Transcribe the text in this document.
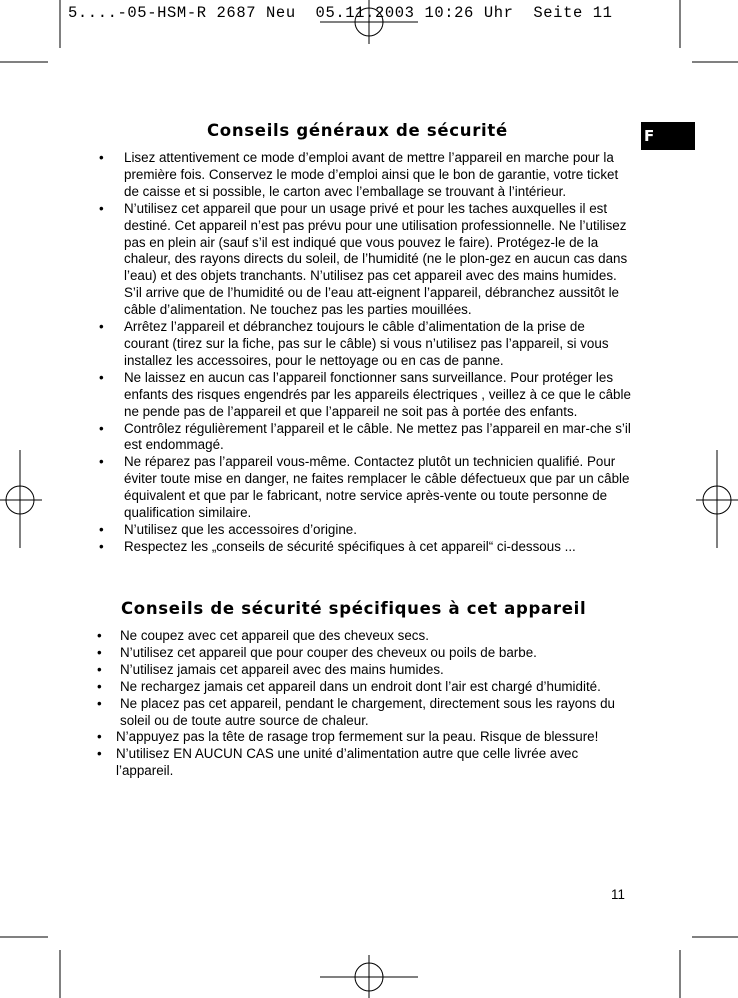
5....-05-HSM-R 2687 Neu  05.11.2003 10:26 Uhr  Seite 11
F
Conseils généraux de sécurité
• Lisez attentivement ce mode d’emploi avant de mettre l’appareil en marche pour la première fois. Conservez le mode d’emploi ainsi que le bon de garantie, votre ticket de caisse et si possible, le carton avec l’emballage se trouvant à l’intérieur.
• N’utilisez cet appareil que pour un usage privé et pour les taches auxquelles il est destiné. Cet appareil n’est pas prévu pour une utilisation professionnelle. Ne l’utilisez pas en plein air (sauf s’il est indiqué que vous pouvez le faire). Protégez-le de la chaleur, des rayons directs du soleil, de l’humidité (ne le plon-gez en aucun cas dans l’eau) et des objets tranchants. N’utilisez pas cet appareil avec des mains humides. S’il arrive que de l’humidité ou de l’eau att-eignent l’appareil, débranchez aussitôt le câble d’alimentation. Ne touchez pas les parties mouillées.
• Arrêtez l’appareil et débranchez toujours le câble d’alimentation de la prise de courant (tirez sur la fiche, pas sur le câble) si vous n’utilisez pas l’appareil, si vous installez les accessoires, pour le nettoyage ou en cas de panne.
• Ne laissez en aucun cas l’appareil fonctionner sans surveillance. Pour protéger les enfants des risques engendrés par les appareils électriques , veillez à ce que le câble ne pende pas de l’appareil et que l’appareil ne soit pas à portée des enfants.
• Contrôlez régulièrement l’appareil et le câble. Ne mettez pas l’appareil en mar-che s’il est endommagé.
• Ne réparez pas l’appareil vous-même. Contactez plutôt un technicien qualifié. Pour éviter toute mise en danger, ne faites remplacer le câble défectueux que par un câble équivalent et que par le fabricant, notre service après-vente ou toute personne de qualification similaire.
• N’utilisez que les accessoires d’origine.
• Respectez les „conseils de sécurité spécifiques à cet appareil“ ci-dessous ...
Conseils de sécurité spécifiques à cet appareil
• Ne coupez avec cet appareil que des cheveux secs.
• N’utilisez cet appareil que pour couper des cheveux ou poils de barbe.
• N’utilisez jamais cet appareil avec des mains humides.
• Ne rechargez jamais cet appareil dans un endroit dont l’air est chargé d’humidité.
• Ne placez pas cet appareil, pendant le chargement, directement sous les rayons du soleil ou de toute autre source de chaleur.
• N’appuyez pas la tête de rasage trop fermement sur la peau. Risque de blessure!
• N’utilisez EN AUCUN CAS une unité d’alimentation autre que celle livrée avec l’appareil.
11
